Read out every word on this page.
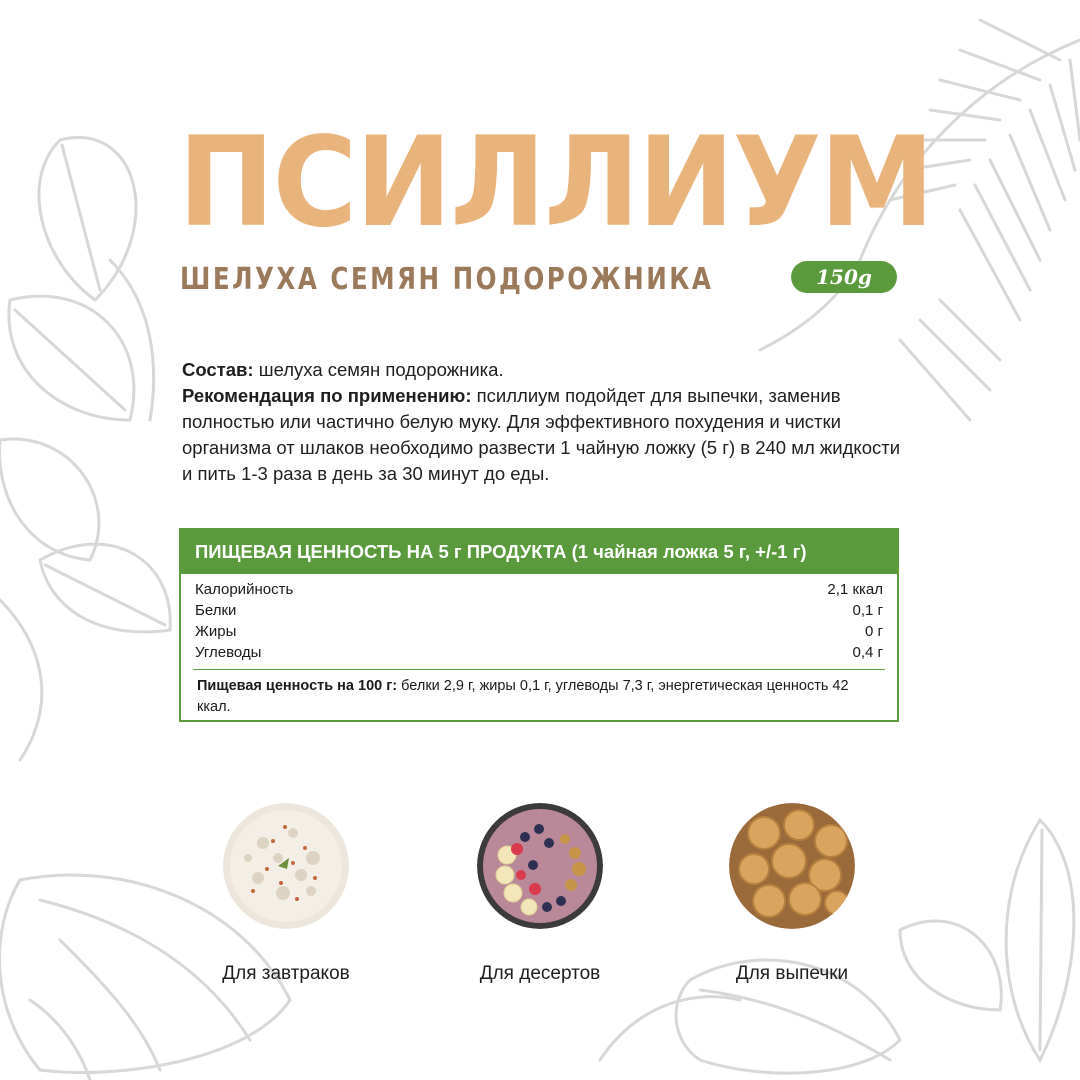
ПСИЛЛИУМ
ШЕЛУХА СЕМЯН ПОДОРОЖНИКА	150g
Состав: шелуха семян подорожника.
Рекомендация по применению: псиллиум подойдет для выпечки, заменив полностью или частично белую муку. Для эффективного похудения и чистки организма от шлаков необходимо развести 1 чайную ложку (5 г) в 240 мл жидкости и пить 1-3 раза в день за 30 минут до еды.
ПИЩЕВАЯ ЦЕННОСТЬ НА 5 г ПРОДУКТА (1 чайная ложка 5 г, +/-1 г)
Калорийность	2,1 ккал
Белки	0,1 г
Жиры	0 г
Углеводы	0,4 г
Пищевая ценность на 100 г: белки 2,9 г, жиры 0,1 г, углеводы 7,3 г, энергетическая ценность 42 ккал.
Для завтраков	Для десертов	Для выпечки
